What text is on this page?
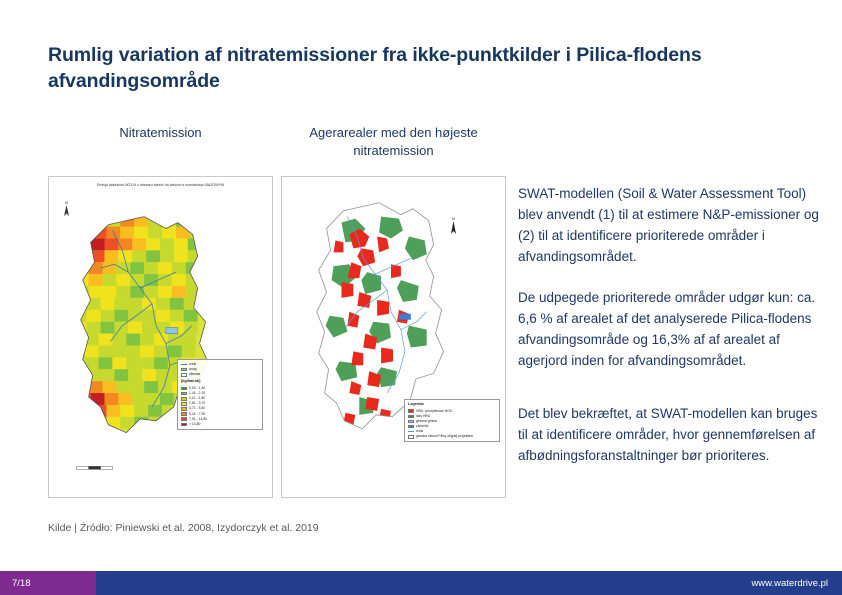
Rumlig variation af nitratemissioner fra ikke-punktkilder i Pilica-flodens afvandingsområde
Nitratemission	Agerarealer med den højeste nitratemission
Emisja ładunków NO3-N z obszaru zlewni do cieków w scenariuszu BAZOWYM
N
rzeki
wody
zlewnia
[kg/ha/rok]
0,00 - 1,40
1,41 - 2,10
2,11 - 2,80
2,81 - 3,70
3,71 - 5,40
5,41 - 7,90
7,91 - 14,80
> 14,80
N
Legenda
HRU, priorytetowe NO3
lasy HRU
główna gmina
zbiorniki
rzeki
granica zlewni Pilicy objętej projektem
SWAT-modellen (Soil & Water Assessment Tool) blev anvendt (1) til at estimere N&P-emissioner og (2) til at identificere prioriterede områder i afvandingsområdet.
De udpegede prioriterede områder udgør kun: ca. 6,6 % af arealet af det analyserede Pilica-flodens afvandingsområde og 16,3% af af arealet af agerjord inden for afvandingsområdet.
Det blev bekræftet, at SWAT-modellen kan bruges til at identificere områder, hvor gennemførelsen af afbødningsforanstaltninger bør prioriteres.
Kilde | Źródło: Piniewski et al. 2008, Izydorczyk et al. 2019
7/18	www.waterdrive.pl
